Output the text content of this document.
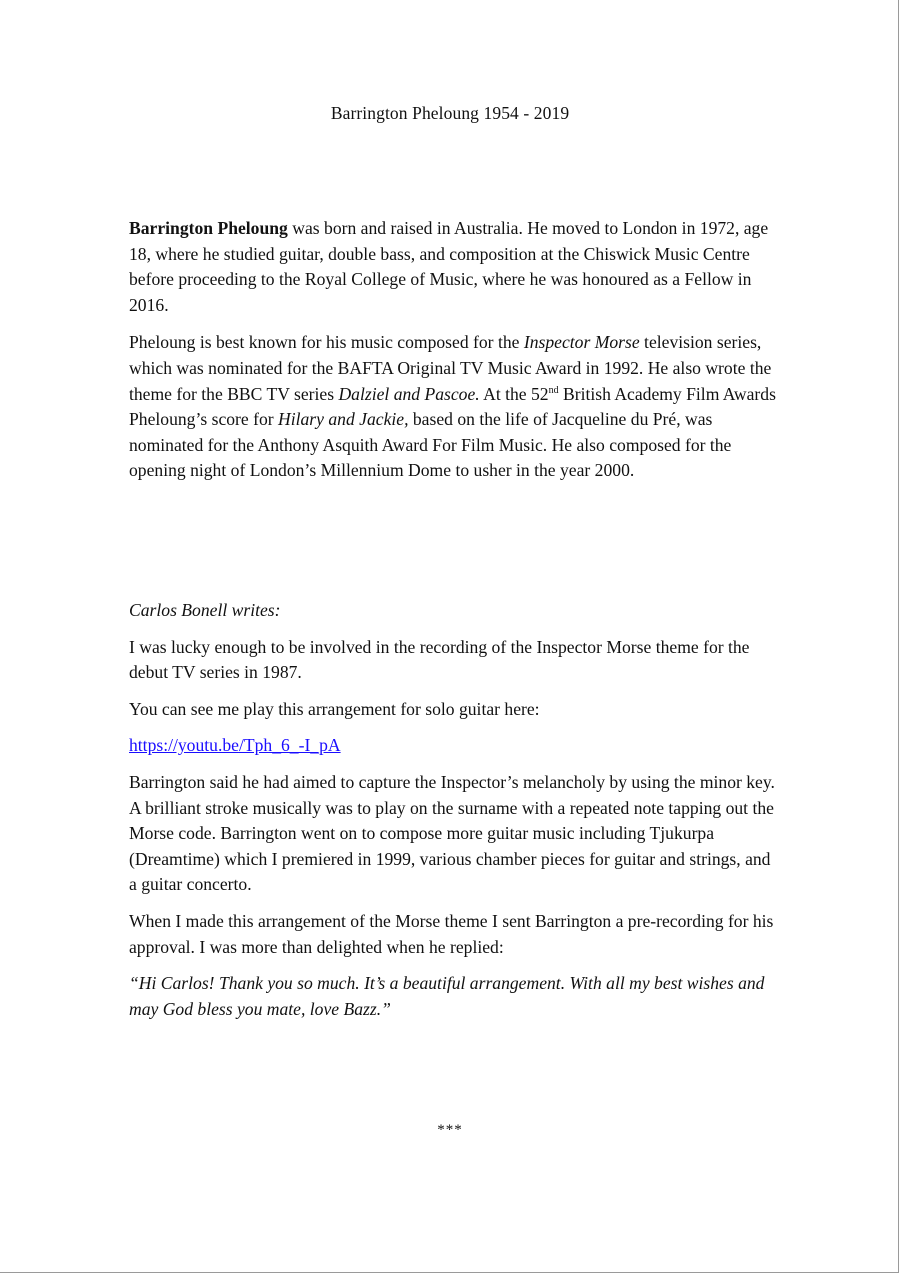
Barrington Pheloung 1954 - 2019

Barrington Pheloung was born and raised in Australia. He moved to London in 1972, age 18, where he studied guitar, double bass, and composition at the Chiswick Music Centre before proceeding to the Royal College of Music, where he was honoured as a Fellow in 2016.

Pheloung is best known for his music composed for the Inspector Morse television series, which was nominated for the BAFTA Original TV Music Award in 1992. He also wrote the theme for the BBC TV series Dalziel and Pascoe. At the 52nd British Academy Film Awards Pheloung’s score for Hilary and Jackie, based on the life of Jacqueline du Pré, was nominated for the Anthony Asquith Award For Film Music. He also composed for the opening night of London’s Millennium Dome to usher in the year 2000.

Carlos Bonell writes:

I was lucky enough to be involved in the recording of the Inspector Morse theme for the debut TV series in 1987.

You can see me play this arrangement for solo guitar here:

https://youtu.be/Tph_6_-I_pA

Barrington said he had aimed to capture the Inspector’s melancholy by using the minor key. A brilliant stroke musically was to play on the surname with a repeated note tapping out the Morse code. Barrington went on to compose more guitar music including Tjukurpa (Dreamtime) which I premiered in 1999, various chamber pieces for guitar and strings, and a guitar concerto.

When I made this arrangement of the Morse theme I sent Barrington a pre-recording for his approval. I was more than delighted when he replied:

“Hi Carlos! Thank you so much. It’s a beautiful arrangement. With all my best wishes and may God bless you mate, love Bazz.”

***
